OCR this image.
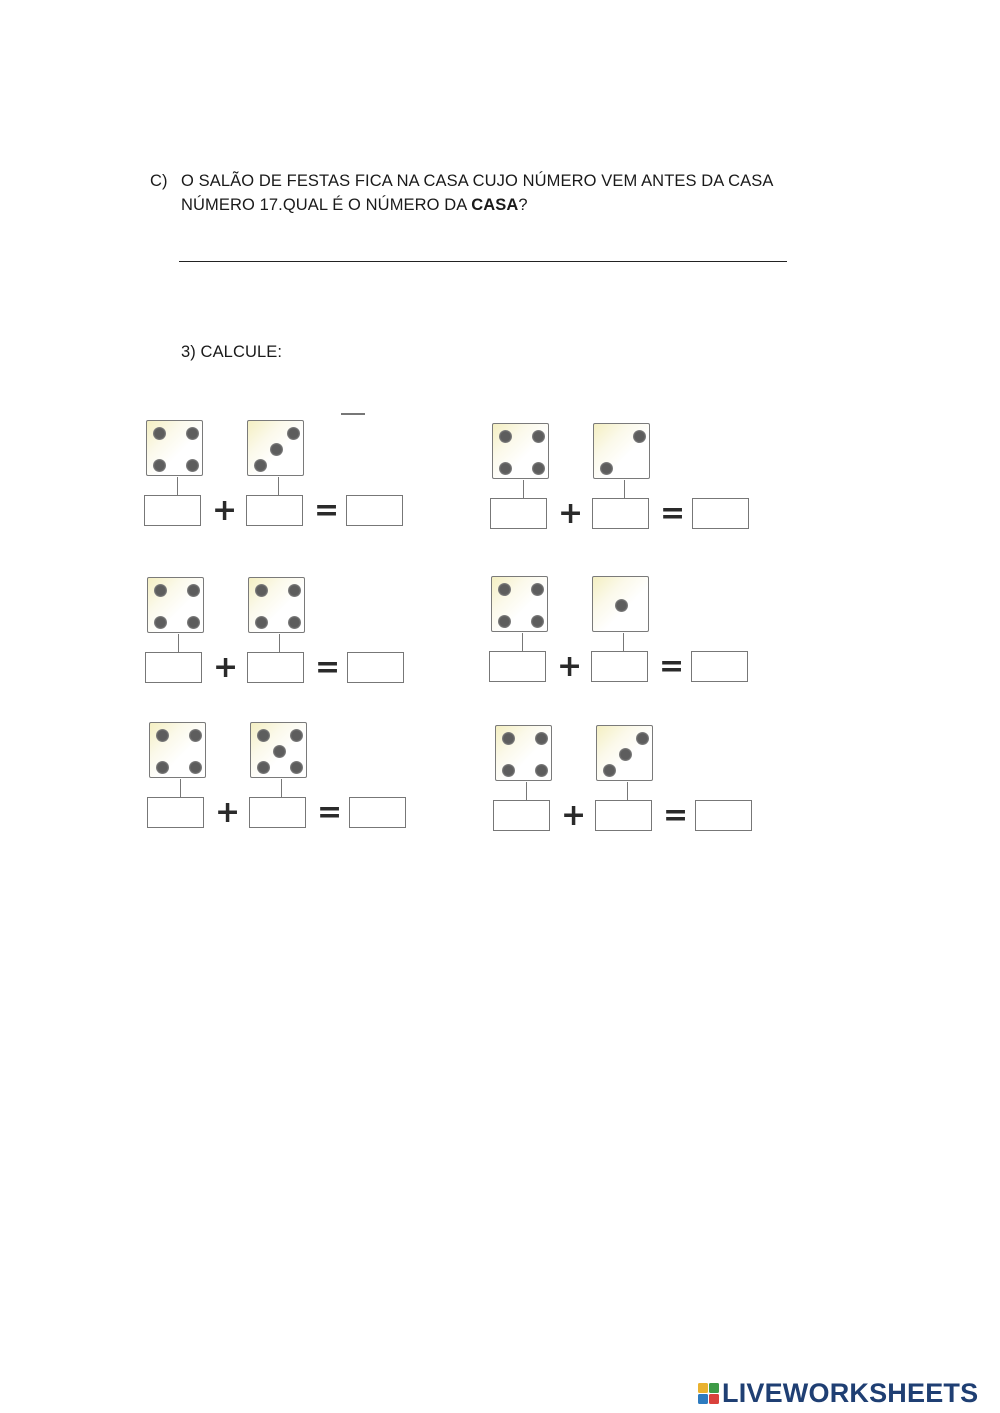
C) O SALÃO DE FESTAS FICA NA CASA CUJO NÚMERO VEM ANTES DA CASA
NÚMERO 17.QUAL É O NÚMERO DA CASA?
3) CALCULE:
+	=	+	=
+	=	+	=
+	=	+	=
LIVEWORKSHEETS
